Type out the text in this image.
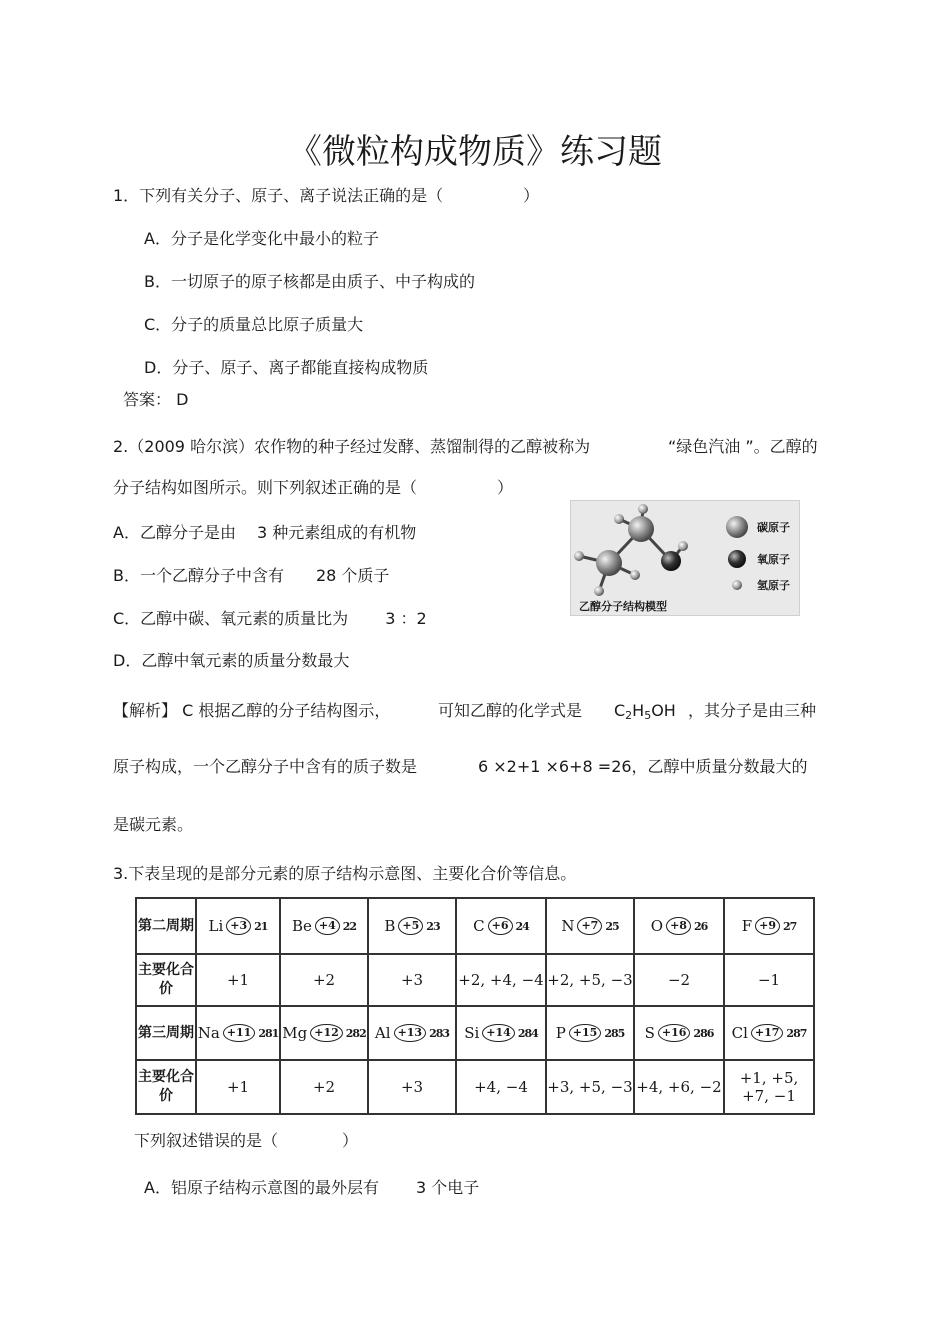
《微粒构成物质》练习题
1．下列有关分子、原子、离子说法正确的是（　　　　　）
A．分子是化学变化中最小的粒子
B．一切原子的原子核都是由质子、中子构成的
C．分子的质量总比原子质量大
D．分子、原子、离子都能直接构成物质
答案： D
2.（2009 哈尔滨）农作物的种子经过发酵、蒸馏制得的乙醇被称为	“绿色汽油 ”。乙醇的
分子结构如图所示。则下列叙述正确的是（　　　　　）
A．乙醇分子是由　 3 种元素组成的有机物
B．一个乙醇分子中含有　　28 个质子
C．乙醇中碳、氧元素的质量比为　　 3 ：2
D．乙醇中氧元素的质量分数最大
碳原子
氧原子
氢原子
乙醇分子结构模型
【解析】 C 根据乙醇的分子结构图示，	可知乙醇的化学式是 $C_2H_5OH$ ，其分子是由三种
原子构成，一个乙醇分子中含有的质子数是	6 ×2+1 ×6+8 =26，乙醇中质量分数最大的
是碳元素。
3.下表呈现的是部分元素的原子结构示意图、主要化合价等信息。
第二周期	Li +3 21	Be +4 22	B +5 23	C +6 24	N +7 25	O +8 26	F +9 27

主要化合价	+1	+2	+3	+2, +4, −4	+2, +5, −3	−2	−1
第三周期	Na +11 281	Mg +12 282	Al +13 283	Si +14 284	P +15 285	S +16 286	Cl +17 287

主要化合价	+1	+2	+3	+4, −4	+3, +5, −3	+4, +6, −2	+1, +5, +7, −1
下列叙述错误的是（　　　　）
A．铝原子结构示意图的最外层有　　 3 个电子
